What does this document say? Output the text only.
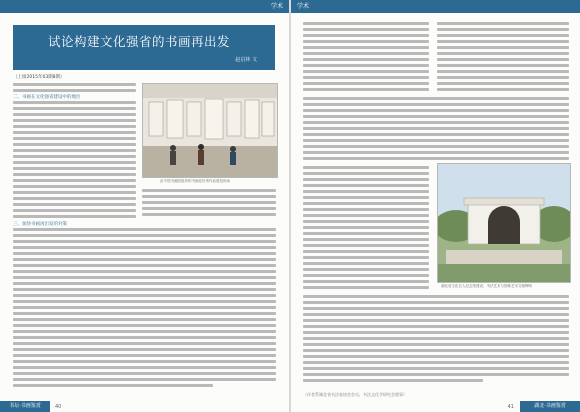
学术
试论构建文化强省的书画再出发
赵启林 文
（上接2015年03期8期）
二、书画在文化强省建设中的地位
由中国书画院组织的书画爱好者作品展览现场
三、加快书画再出发的对策
书坛·书画鉴赏	40
学术
湖北省文化名人纪念馆建设，书法艺术与园林艺术交相辉映
（作者系湖北省书法家协会会员，书法文化学研究会理事）
41	湖北·书画鉴赏
